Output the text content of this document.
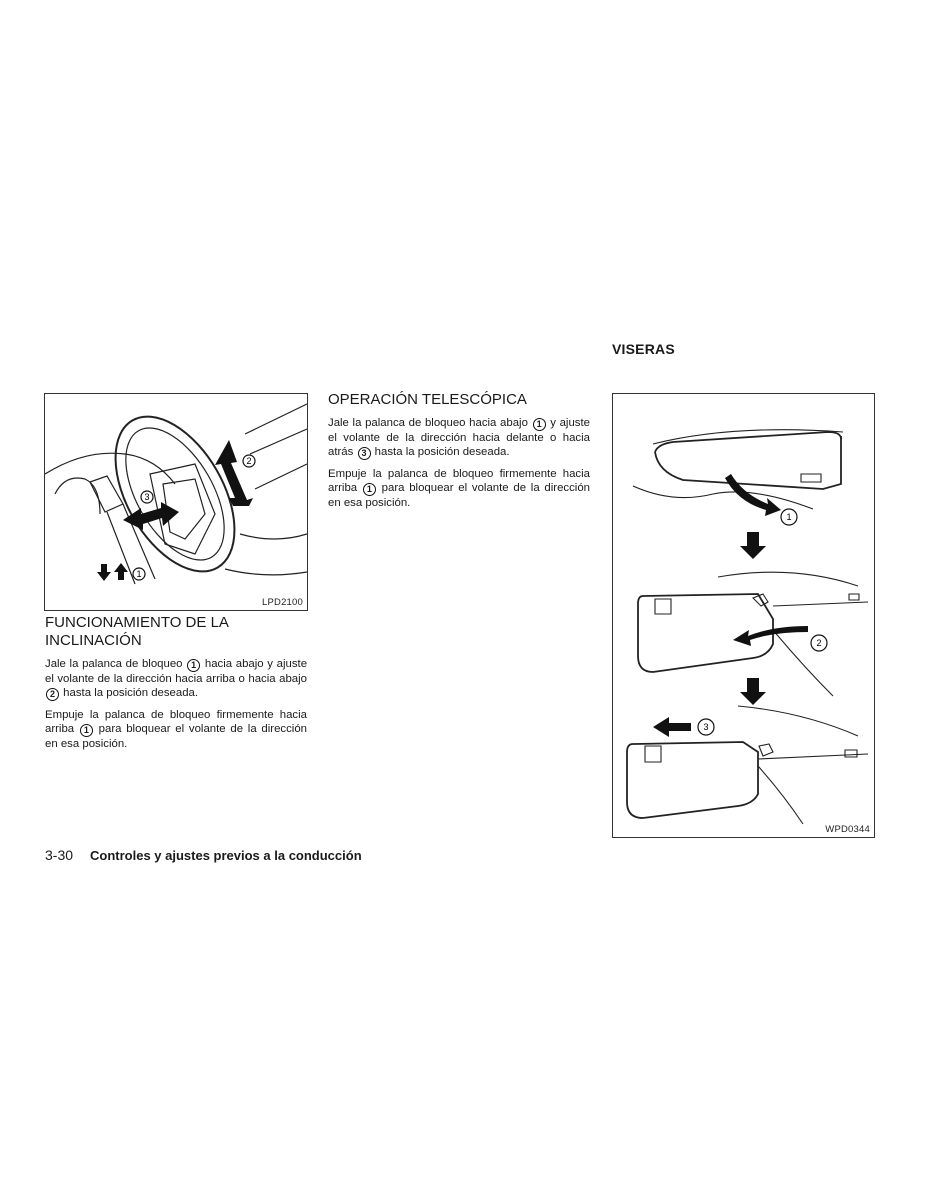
VISERAS
2
3
1
LPD2100
FUNCIONAMIENTO DE LA
INCLINACIÓN
Jale la palanca de bloqueo 1 hacia abajo y ajuste el volante de la dirección hacia arriba o hacia abajo 2 hasta la posición deseada.
Empuje la palanca de bloqueo firmemente hacia arriba 1 para bloquear el volante de la dirección en esa posición.
OPERACIÓN TELESCÓPICA
Jale la palanca de bloqueo hacia abajo 1 y ajuste el volante de la dirección hacia delante o hacia atrás 3 hasta la posición deseada.
Empuje la palanca de bloqueo firmemente hacia arriba 1 para bloquear el volante de la dirección en esa posición.
1
2
3
WPD0344
3-30 Controles y ajustes previos a la conducción
